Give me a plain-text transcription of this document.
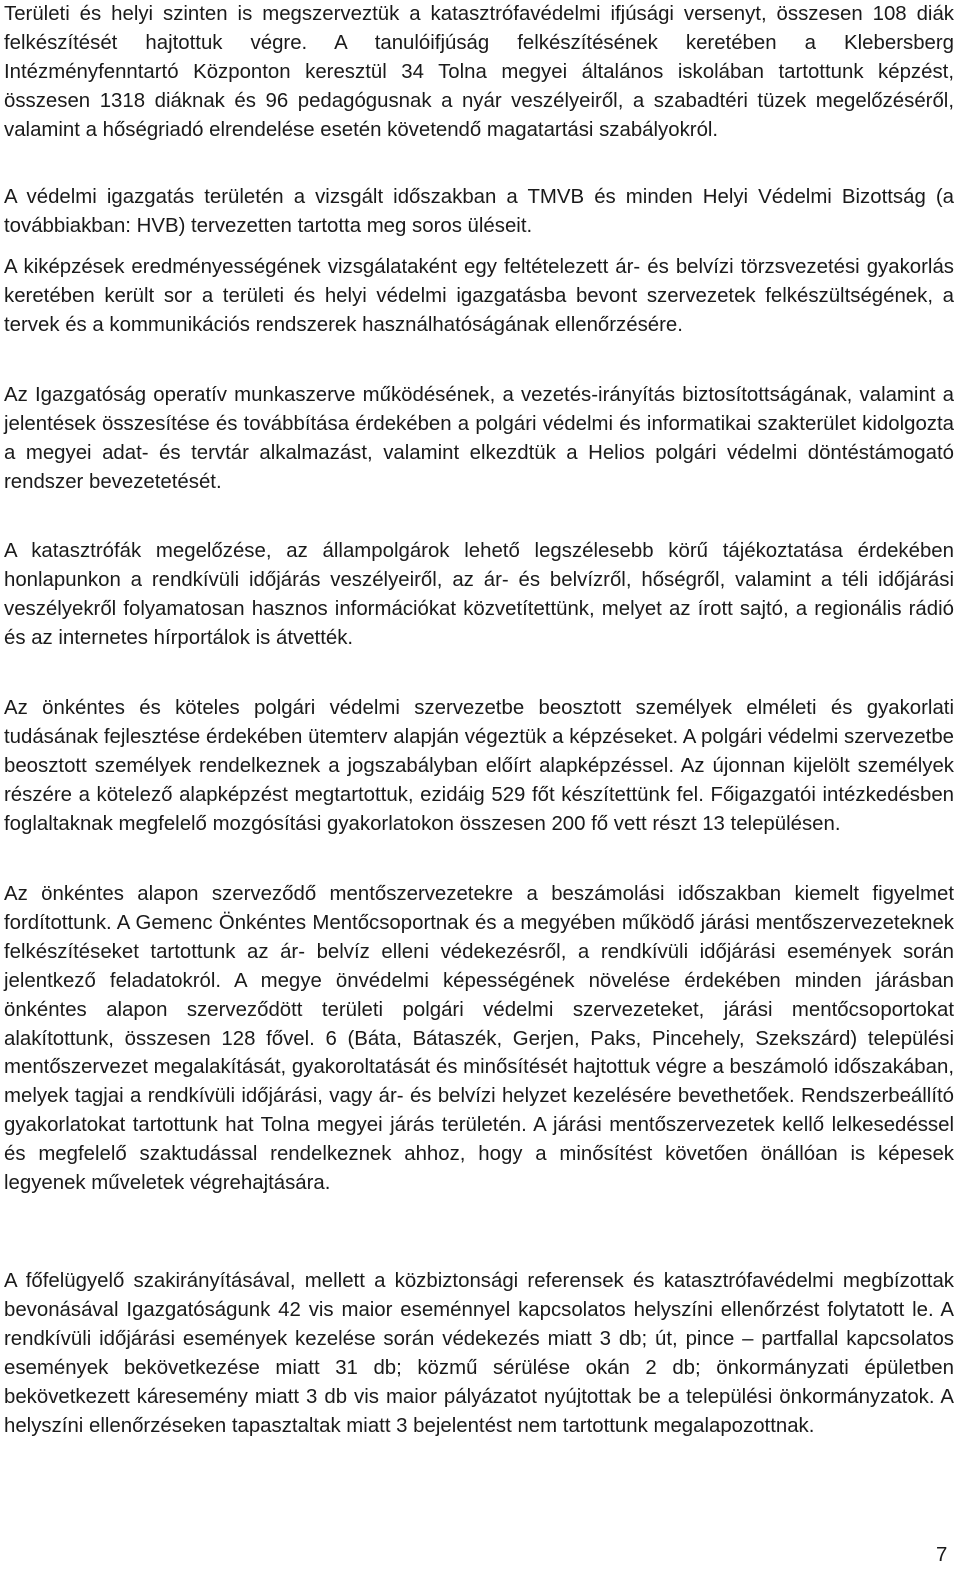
Területi és helyi szinten is megszerveztük a katasztrófavédelmi ifjúsági versenyt, összesen 108 diák felkészítését hajtottuk végre. A tanulóifjúság felkészítésének keretében a Klebersberg Intézményfenntartó Központon keresztül 34 Tolna megyei általános iskolában tartottunk képzést, összesen 1318 diáknak és 96 pedagógusnak a nyár veszélyeiről, a szabadtéri tüzek megelőzéséről, valamint a hőségriadó elrendelése esetén követendő magatartási szabályokról.

A védelmi igazgatás területén a vizsgált időszakban a TMVB és minden Helyi Védelmi Bizottság (a továbbiakban: HVB) tervezetten tartotta meg soros üléseit.

A kiképzések eredményességének vizsgálataként egy feltételezett ár- és belvízi törzsvezetési gyakorlás keretében került sor a területi és helyi védelmi igazgatásba bevont szervezetek felkészültségének, a tervek és a kommunikációs rendszerek használhatóságának ellenőrzésére.

Az Igazgatóság operatív munkaszerve működésének, a vezetés-irányítás biztosítottságának, valamint a jelentések összesítése és továbbítása érdekében a polgári védelmi és informatikai szakterület kidolgozta a megyei adat- és tervtár alkalmazást, valamint elkezdtük a Helios polgári védelmi döntéstámogató rendszer bevezetetését.

A katasztrófák megelőzése, az állampolgárok lehető legszélesebb körű tájékoztatása érdekében honlapunkon a rendkívüli időjárás veszélyeiről, az ár- és belvízről, hőségről, valamint a téli időjárási veszélyekről folyamatosan hasznos információkat közvetítettünk, melyet az írott sajtó, a regionális rádió és az internetes hírportálok is átvették.

Az önkéntes és köteles polgári védelmi szervezetbe beosztott személyek elméleti és gyakorlati tudásának fejlesztése érdekében ütemterv alapján végeztük a képzéseket. A polgári védelmi szervezetbe beosztott személyek rendelkeznek a jogszabályban előírt alapképzéssel. Az újonnan kijelölt személyek részére a kötelező alapképzést megtartottuk, ezidáig 529 főt készítettünk fel. Főigazgatói intézkedésben foglaltaknak megfelelő mozgósítási gyakorlatokon összesen 200 fő vett részt 13 településen.

Az önkéntes alapon szerveződő mentőszervezetekre a beszámolási időszakban kiemelt figyelmet fordítottunk. A Gemenc Önkéntes Mentőcsoportnak és a megyében működő járási mentőszervezeteknek felkészítéseket tartottunk az ár- belvíz elleni védekezésről, a rendkívüli időjárási események során jelentkező feladatokról. A megye önvédelmi képességének növelése érdekében minden járásban önkéntes alapon szerveződött területi polgári védelmi szervezeteket, járási mentőcsoportokat alakítottunk, összesen 128 fővel. 6 (Báta, Bátaszék, Gerjen, Paks, Pincehely, Szekszárd) települési mentőszervezet megalakítását, gyakoroltatását és minősítését hajtottuk végre a beszámoló időszakában, melyek tagjai a rendkívüli időjárási, vagy ár- és belvízi helyzet kezelésére bevethetőek. Rendszerbeállító gyakorlatokat tartottunk hat Tolna megyei járás területén. A járási mentőszervezetek kellő lelkesedéssel és megfelelő szaktudással rendelkeznek ahhoz, hogy a minősítést követően önállóan is képesek legyenek műveletek végrehajtására.

A főfelügyelő szakirányításával, mellett a közbiztonsági referensek és katasztrófavédelmi megbízottak bevonásával Igazgatóságunk 42 vis maior eseménnyel kapcsolatos helyszíni ellenőrzést folytatott le. A rendkívüli időjárási események kezelése során védekezés miatt 3 db; út, pince – partfallal kapcsolatos események bekövetkezése miatt 31 db; közmű sérülése okán 2 db; önkormányzati épületben bekövetkezett káresemény miatt 3 db vis maior pályázatot nyújtottak be a települési önkormányzatok. A helyszíni ellenőrzéseken tapasztaltak miatt 3 bejelentést nem tartottunk megalapozottnak.

7
